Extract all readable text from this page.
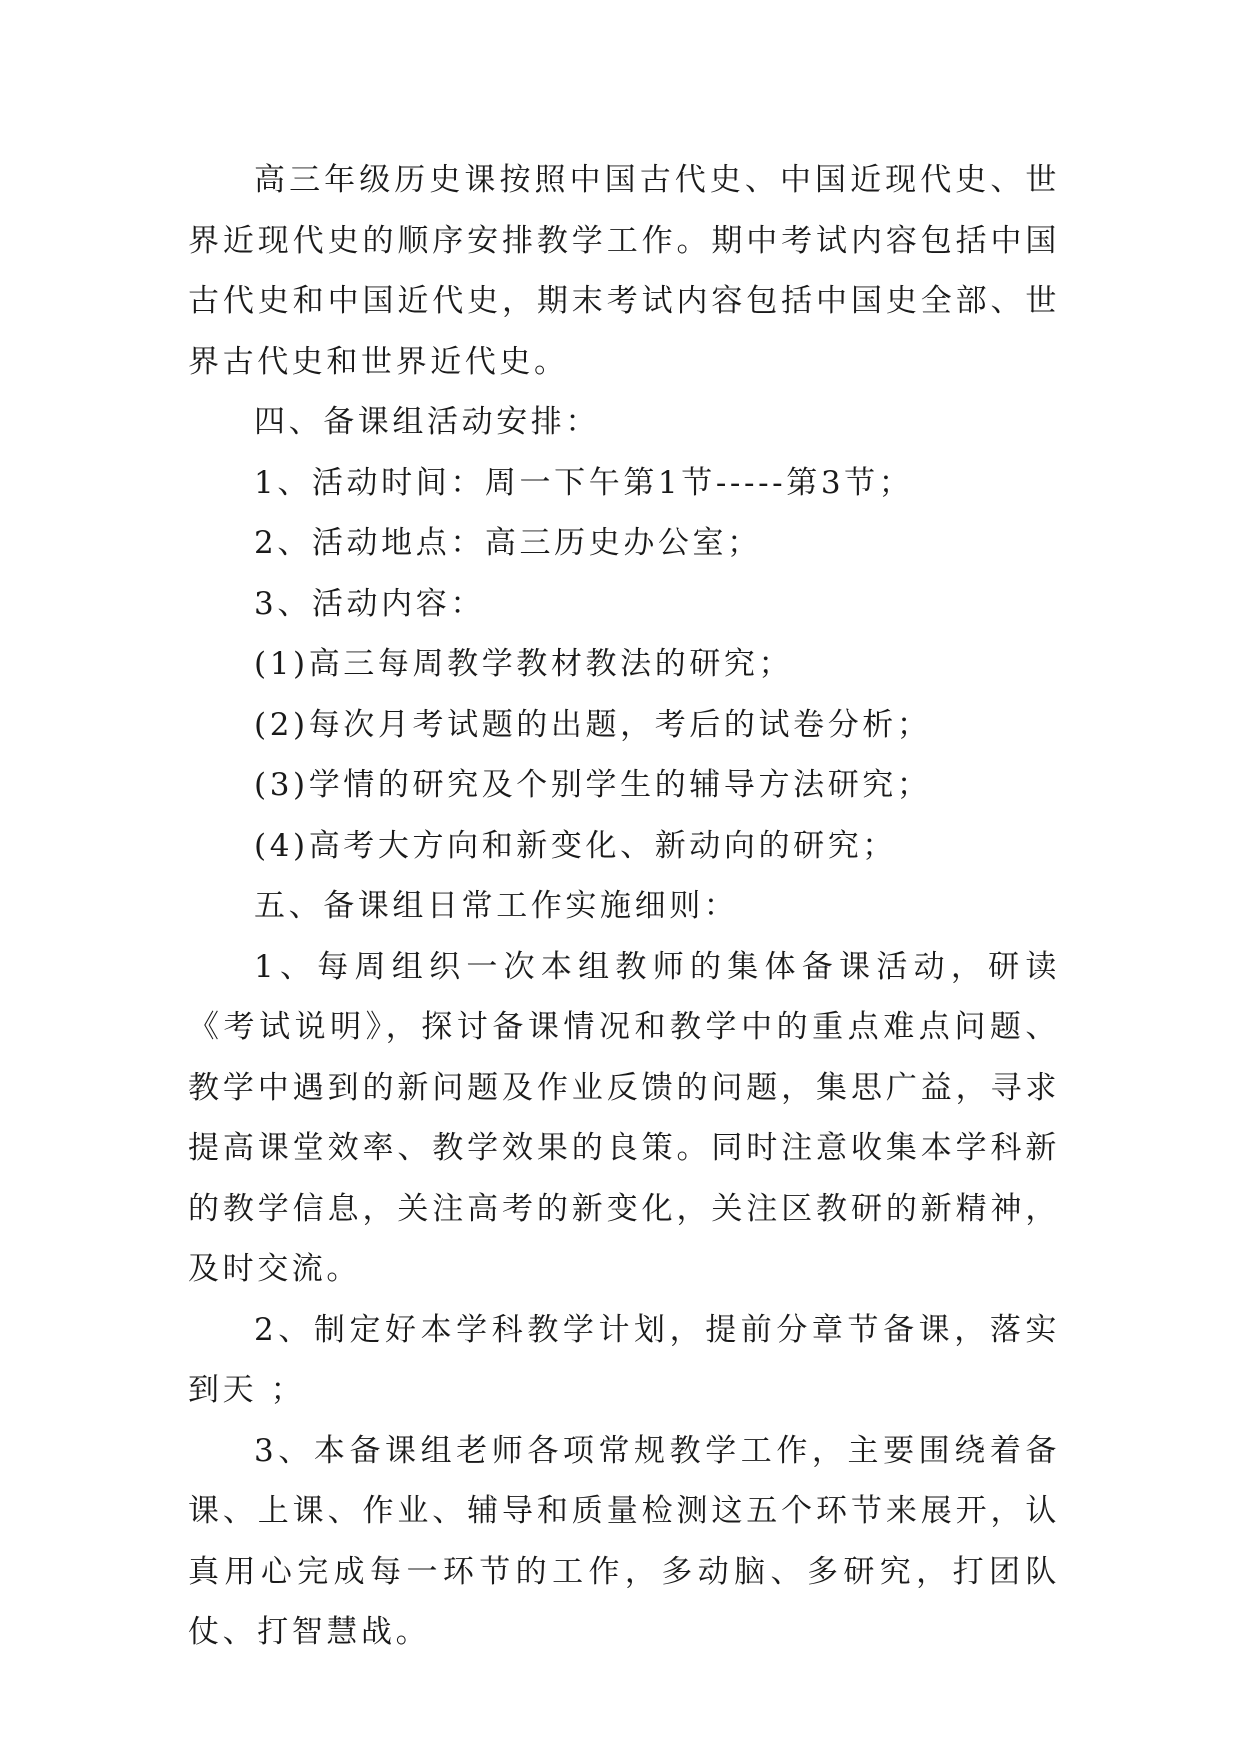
高三年级历史课按照中国古代史、中国近现代史、世界近现代史的顺序安排教学工作。期中考试内容包括中国古代史和中国近代史，期末考试内容包括中国史全部、世界古代史和世界近代史。

四、备课组活动安排：

1、活动时间：周一下午第1节-----第3节；

2、活动地点：高三历史办公室；

3、活动内容：

(1)高三每周教学教材教法的研究；

(2)每次月考试题的出题，考后的试卷分析；

(3)学情的研究及个别学生的辅导方法研究；

(4)高考大方向和新变化、新动向的研究；

五、备课组日常工作实施细则：

1、每周组织一次本组教师的集体备课活动，研读《考试说明》，探讨备课情况和教学中的重点难点问题、教学中遇到的新问题及作业反馈的问题，集思广益，寻求提高课堂效率、教学效果的良策。同时注意收集本学科新的教学信息，关注高考的新变化，关注区教研的新精神，及时交流。

2、制定好本学科教学计划，提前分章节备课，落实到天 ；

3、本备课组老师各项常规教学工作，主要围绕着备课、上课、作业、辅导和质量检测这五个环节来展开，认真用心完成每一环节的工作，多动脑、多研究，打团队仗、打智慧战。
